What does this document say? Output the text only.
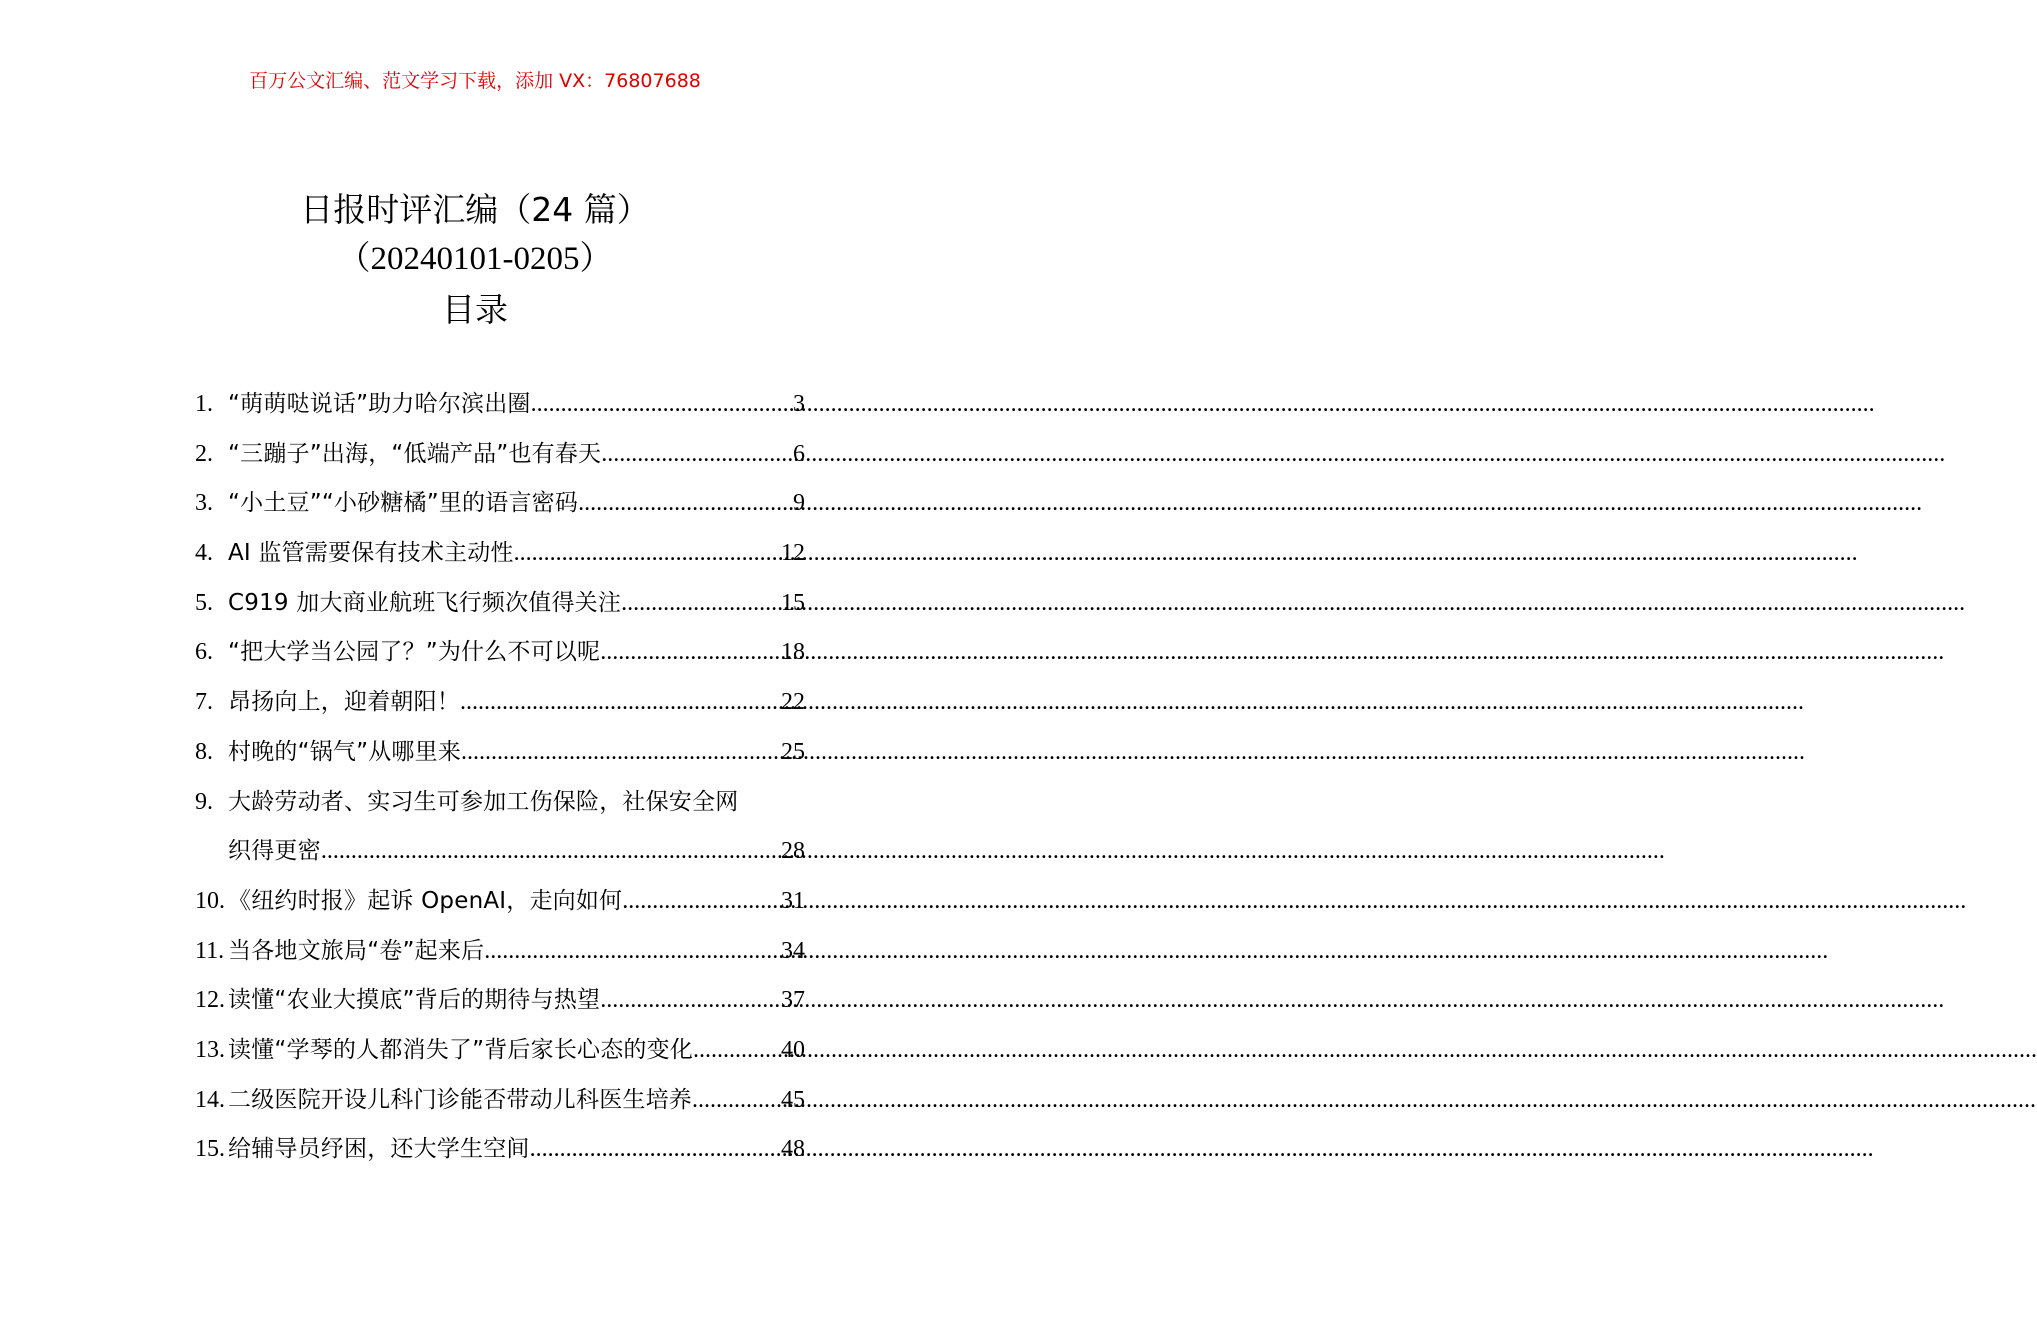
百万公文汇编、范文学习下载，添加 VX：76807688
日报时评汇编（24 篇）
（20240101-0205）
目录
1. “萌萌哒说话”助力哈尔滨出圈 .....	3
2. “三蹦子”出海，“低端产品”也有春天 .....	6
3. “小土豆”“小砂糖橘”里的语言密码 .....	9
4. AI 监管需要保有技术主动性 .....	12
5. C919 加大商业航班飞行频次值得关注 .....	15
6. “把大学当公园了？”为什么不可以呢 .....	18
7. 昂扬向上，迎着朝阳！ .....	22
8. 村晚的“锅气”从哪里来 .....	25
9. 大龄劳动者、实习生可参加工伤保险，社保安全网
织得更密 .....	28
10. 《纽约时报》起诉 OpenAI，走向如何 .....	31
11. 当各地文旅局“卷”起来后 .....	34
12. 读懂“农业大摸底”背后的期待与热望 .....	37
13. 读懂“学琴的人都消失了”背后家长心态的变化 .....	40
14. 二级医院开设儿科门诊能否带动儿科医生培养 .....	45
15. 给辅导员纾困，还大学生空间 .....	48
